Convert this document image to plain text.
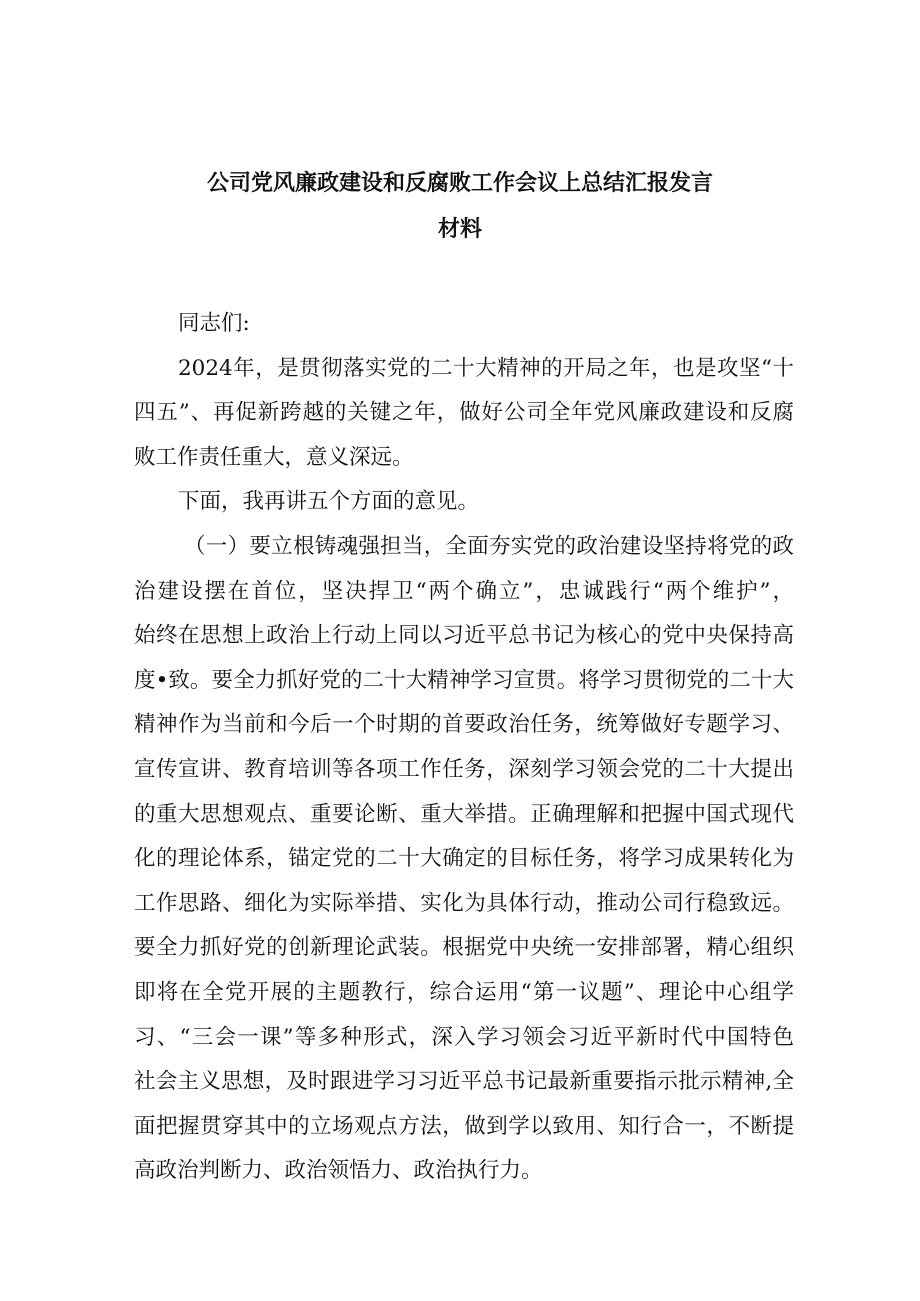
公司党风廉政建设和反腐败工作会议上总结汇报发言
材料
同志们:
2024年，是贯彻落实党的二十大精神的开局之年，也是攻坚“十
四五”、再促新跨越的关键之年，做好公司全年党风廉政建设和反腐
败工作责任重大，意义深远。
下面，我再讲五个方面的意见。
（一）要立根铸魂强担当，全面夯实党的政治建设坚持将党的政
治建设摆在首位，坚决捍卫“两个确立”，忠诚践行“两个维护”，
始终在思想上政治上行动上同以习近平总书记为核心的党中央保持高
度•致。要全力抓好党的二十大精神学习宣贯。将学习贯彻党的二十大
精神作为当前和今后一个时期的首要政治任务，统筹做好专题学习、
宣传宣讲、教育培训等各项工作任务，深刻学习领会党的二十大提出
的重大思想观点、重要论断、重大举措。正确理解和把握中国式现代
化的理论体系，锚定党的二十大确定的目标任务，将学习成果转化为
工作思路、细化为实际举措、实化为具体行动，推动公司行稳致远。
要全力抓好党的创新理论武装。根据党中央统一安排部署，精心组织
即将在全党开展的主题教行，综合运用“第一议题”、理论中心组学
习、“三会一课”等多种形式，深入学习领会习近平新时代中国特色
社会主义思想，及时跟进学习习近平总书记最新重要指示批示精神,全
面把握贯穿其中的立场观点方法，做到学以致用、知行合一，不断提
高政治判断力、政治领悟力、政治执行力。
